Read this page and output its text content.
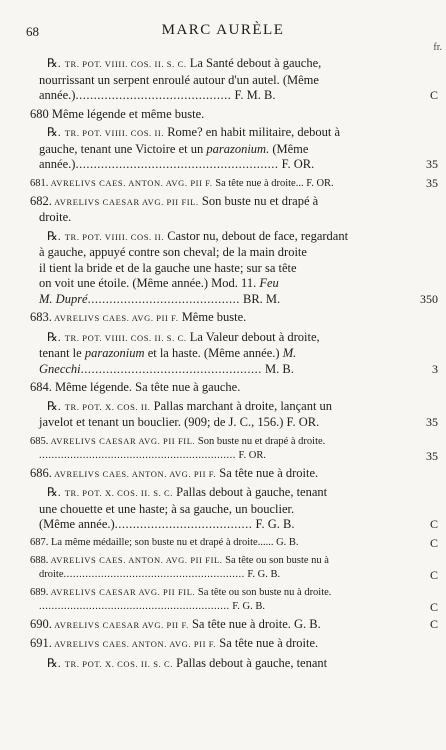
68	MARC AURÈLE
fr.
℞. TR. POT. VIIII. COS. II. S. C. La Santé debout à gauche,
nourrissant un serpent enroulé autour d'un autel. (Même
année.)........................................... F. M. B.	C
680 Même légende et même buste.
℞. TR. POT. VIIII. COS. II. Rome? en habit militaire, debout à
gauche, tenant une Victoire et un parazonium. (Même
année.)........................................................ F. OR.	35
681. AVRELIVS CAES. ANTON. AVG. PII F. Sa tête nue à droite... F. OR.	35
682. AVRELIVS CAESAR AVG. PII FIL. Son buste nu et drapé à
droite.
℞. TR. POT. VIIII. COS. II. Castor nu, debout de face, regardant
à gauche, appuyé contre son cheval; de la main droite
il tient la bride et de la gauche une haste; sur sa tête
on voit une étoile. (Même année.) Mod. 11. Feu
M. Dupré.......................................... BR. M.	350
683. AVRELIVS CAES. AVG. PII F. Même buste.
℞. TR. POT. VIIII. COS. II. S. C. La Valeur debout à droite,
tenant le parazonium et la haste. (Même année.) M.
Gnecchi.................................................. M. B.	3
684. Même légende. Sa tête nue à gauche.
℞. TR. POT. X. COS. II. Pallas marchant à droite, lançant un
javelot et tenant un bouclier. (909; de J. C., 156.) F. OR.	35
685. AVRELIVS CAESAR AVG. PII FIL. Son buste nu et drapé à droite.
............................................................... F. OR.	35
686. AVRELIVS CAES. ANTON. AVG. PII F. Sa tête nue à droite.
℞. TR. POT. X. COS. II. S. C. Pallas debout à gauche, tenant
une chouette et une haste; à sa gauche, un bouclier.
(Même année.)...................................... F. G. B.	C
687. La même médaille; son buste nu et drapé à droite...... G. B.	C
688. AVRELIVS CAES. ANTON. AVG. PII FIL. Sa tête ou son buste nu à
droite.......................................................... F. G. B.	C
689. AVRELIVS CAESAR AVG. PII FIL. Sa tête ou son buste nu à droite.
............................................................. F. G. B.	C
690. AVRELIVS CAESAR AVG. PII F. Sa tête nue à droite. G. B.	C
691. AVRELIVS CAES. ANTON. AVG. PII F. Sa tête nue à droite.
℞. TR. POT. X. COS. II. S. C. Pallas debout à gauche, tenant
